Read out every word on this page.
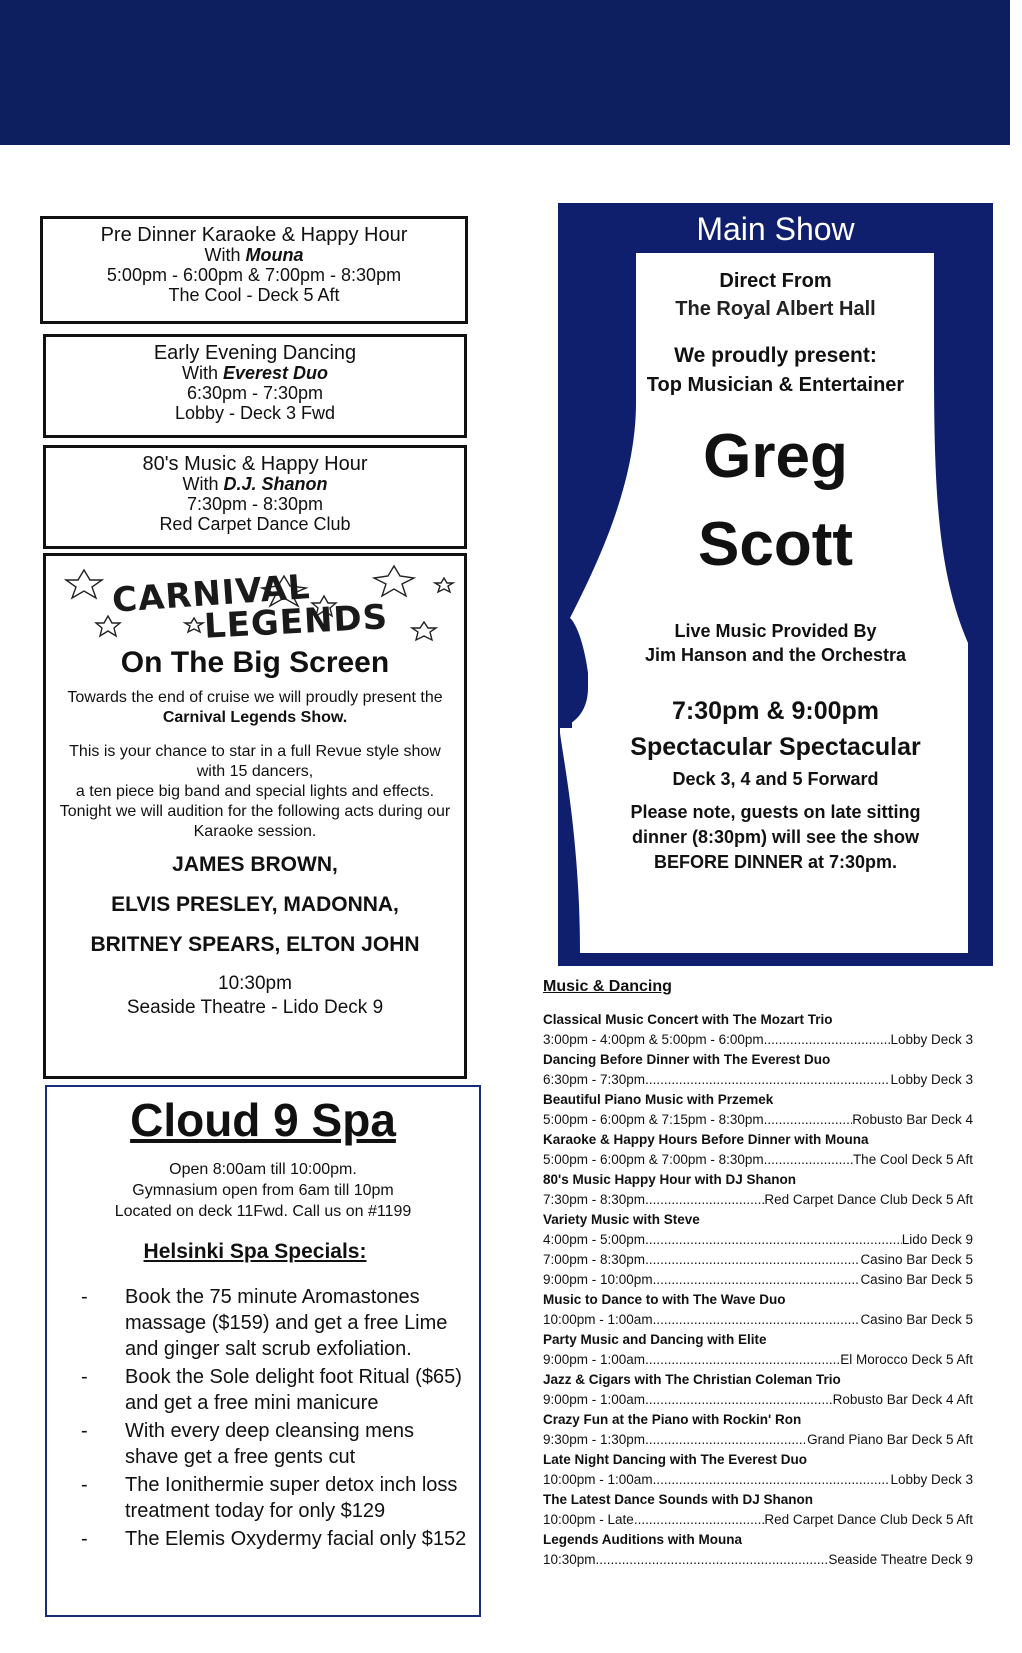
Pre Dinner Karaoke & Happy Hour
With Mouna
5:00pm - 6:00pm & 7:00pm - 8:30pm
The Cool - Deck 5 Aft
Early Evening Dancing
With Everest Duo
6:30pm - 7:30pm
Lobby - Deck 3 Fwd
80's Music & Happy Hour
With D.J. Shanon
7:30pm - 8:30pm
Red Carpet Dance Club
CARNIVAL
LEGENDS
On The Big Screen

Towards the end of cruise we will proudly present the Carnival Legends Show.

This is your chance to star in a full Revue style show with 15 dancers,

a ten piece big band and special lights and effects.

Tonight we will audition for the following acts during our Karaoke session.

JAMES BROWN,
ELVIS PRESLEY, MADONNA,
BRITNEY SPEARS, ELTON JOHN
10:30pm
Seaside Theatre - Lido Deck 9
Cloud 9 Spa

Open 8:00am till 10:00pm.

Gymnasium open from 6am till 10pm

Located on deck 11Fwd. Call us on #1199

Helsinki Spa Specials:
- Book the 75 minute Aromastones massage ($159) and get a free Lime and ginger salt scrub exfoliation.
- Book the Sole delight foot Ritual ($65) and get a free mini manicure
- With every deep cleansing mens shave get a free gents cut
- The Ionithermie super detox inch loss treatment today for only $129
- The Elemis Oxydermy facial only $152
Main Show
Direct From
The Royal Albert Hall
We proudly present:
Top Musician & Entertainer
Greg
Scott
Live Music Provided By
Jim Hanson and the Orchestra
7:30pm & 9:00pm
Spectacular Spectacular
Deck 3, 4 and 5 Forward
Please note, guests on late sitting
dinner (8:30pm) will see the show
BEFORE DINNER at 7:30pm.
Music & Dancing
Classical Music Concert with The Mozart Trio
3:00pm - 4:00pm & 5:00pm - 6:00pm .....	Lobby Deck 3
Dancing Before Dinner with The Everest Duo
6:30pm - 7:30pm .....	Lobby Deck 3
Beautiful Piano Music with Przemek
5:00pm - 6:00pm & 7:15pm - 8:30pm .....	Robusto Bar Deck 4
Karaoke & Happy Hours Before Dinner with Mouna
5:00pm - 6:00pm & 7:00pm - 8:30pm .....	The Cool Deck 5 Aft
80's Music Happy Hour with DJ Shanon
7:30pm - 8:30pm .....	Red Carpet Dance Club Deck 5 Aft
Variety Music with Steve
4:00pm - 5:00pm .....	Lido Deck 9
7:00pm - 8:30pm .....	Casino Bar Deck 5
9:00pm - 10:00pm .....	Casino Bar Deck 5
Music to Dance to with The Wave Duo
10:00pm - 1:00am .....	Casino Bar Deck 5
Party Music and Dancing with Elite
9:00pm - 1:00am .....	El Morocco Deck 5 Aft
Jazz & Cigars with The Christian Coleman Trio
9:00pm - 1:00am .....	Robusto Bar Deck 4 Aft
Crazy Fun at the Piano with Rockin' Ron
9:30pm - 1:30pm .....	Grand Piano Bar Deck 5 Aft
Late Night Dancing with The Everest Duo
10:00pm - 1:00am .....	Lobby Deck 3
The Latest Dance Sounds with DJ Shanon
10:00pm - Late .....	Red Carpet Dance Club Deck 5 Aft
Legends Auditions with Mouna
10:30pm .....	Seaside Theatre Deck 9
